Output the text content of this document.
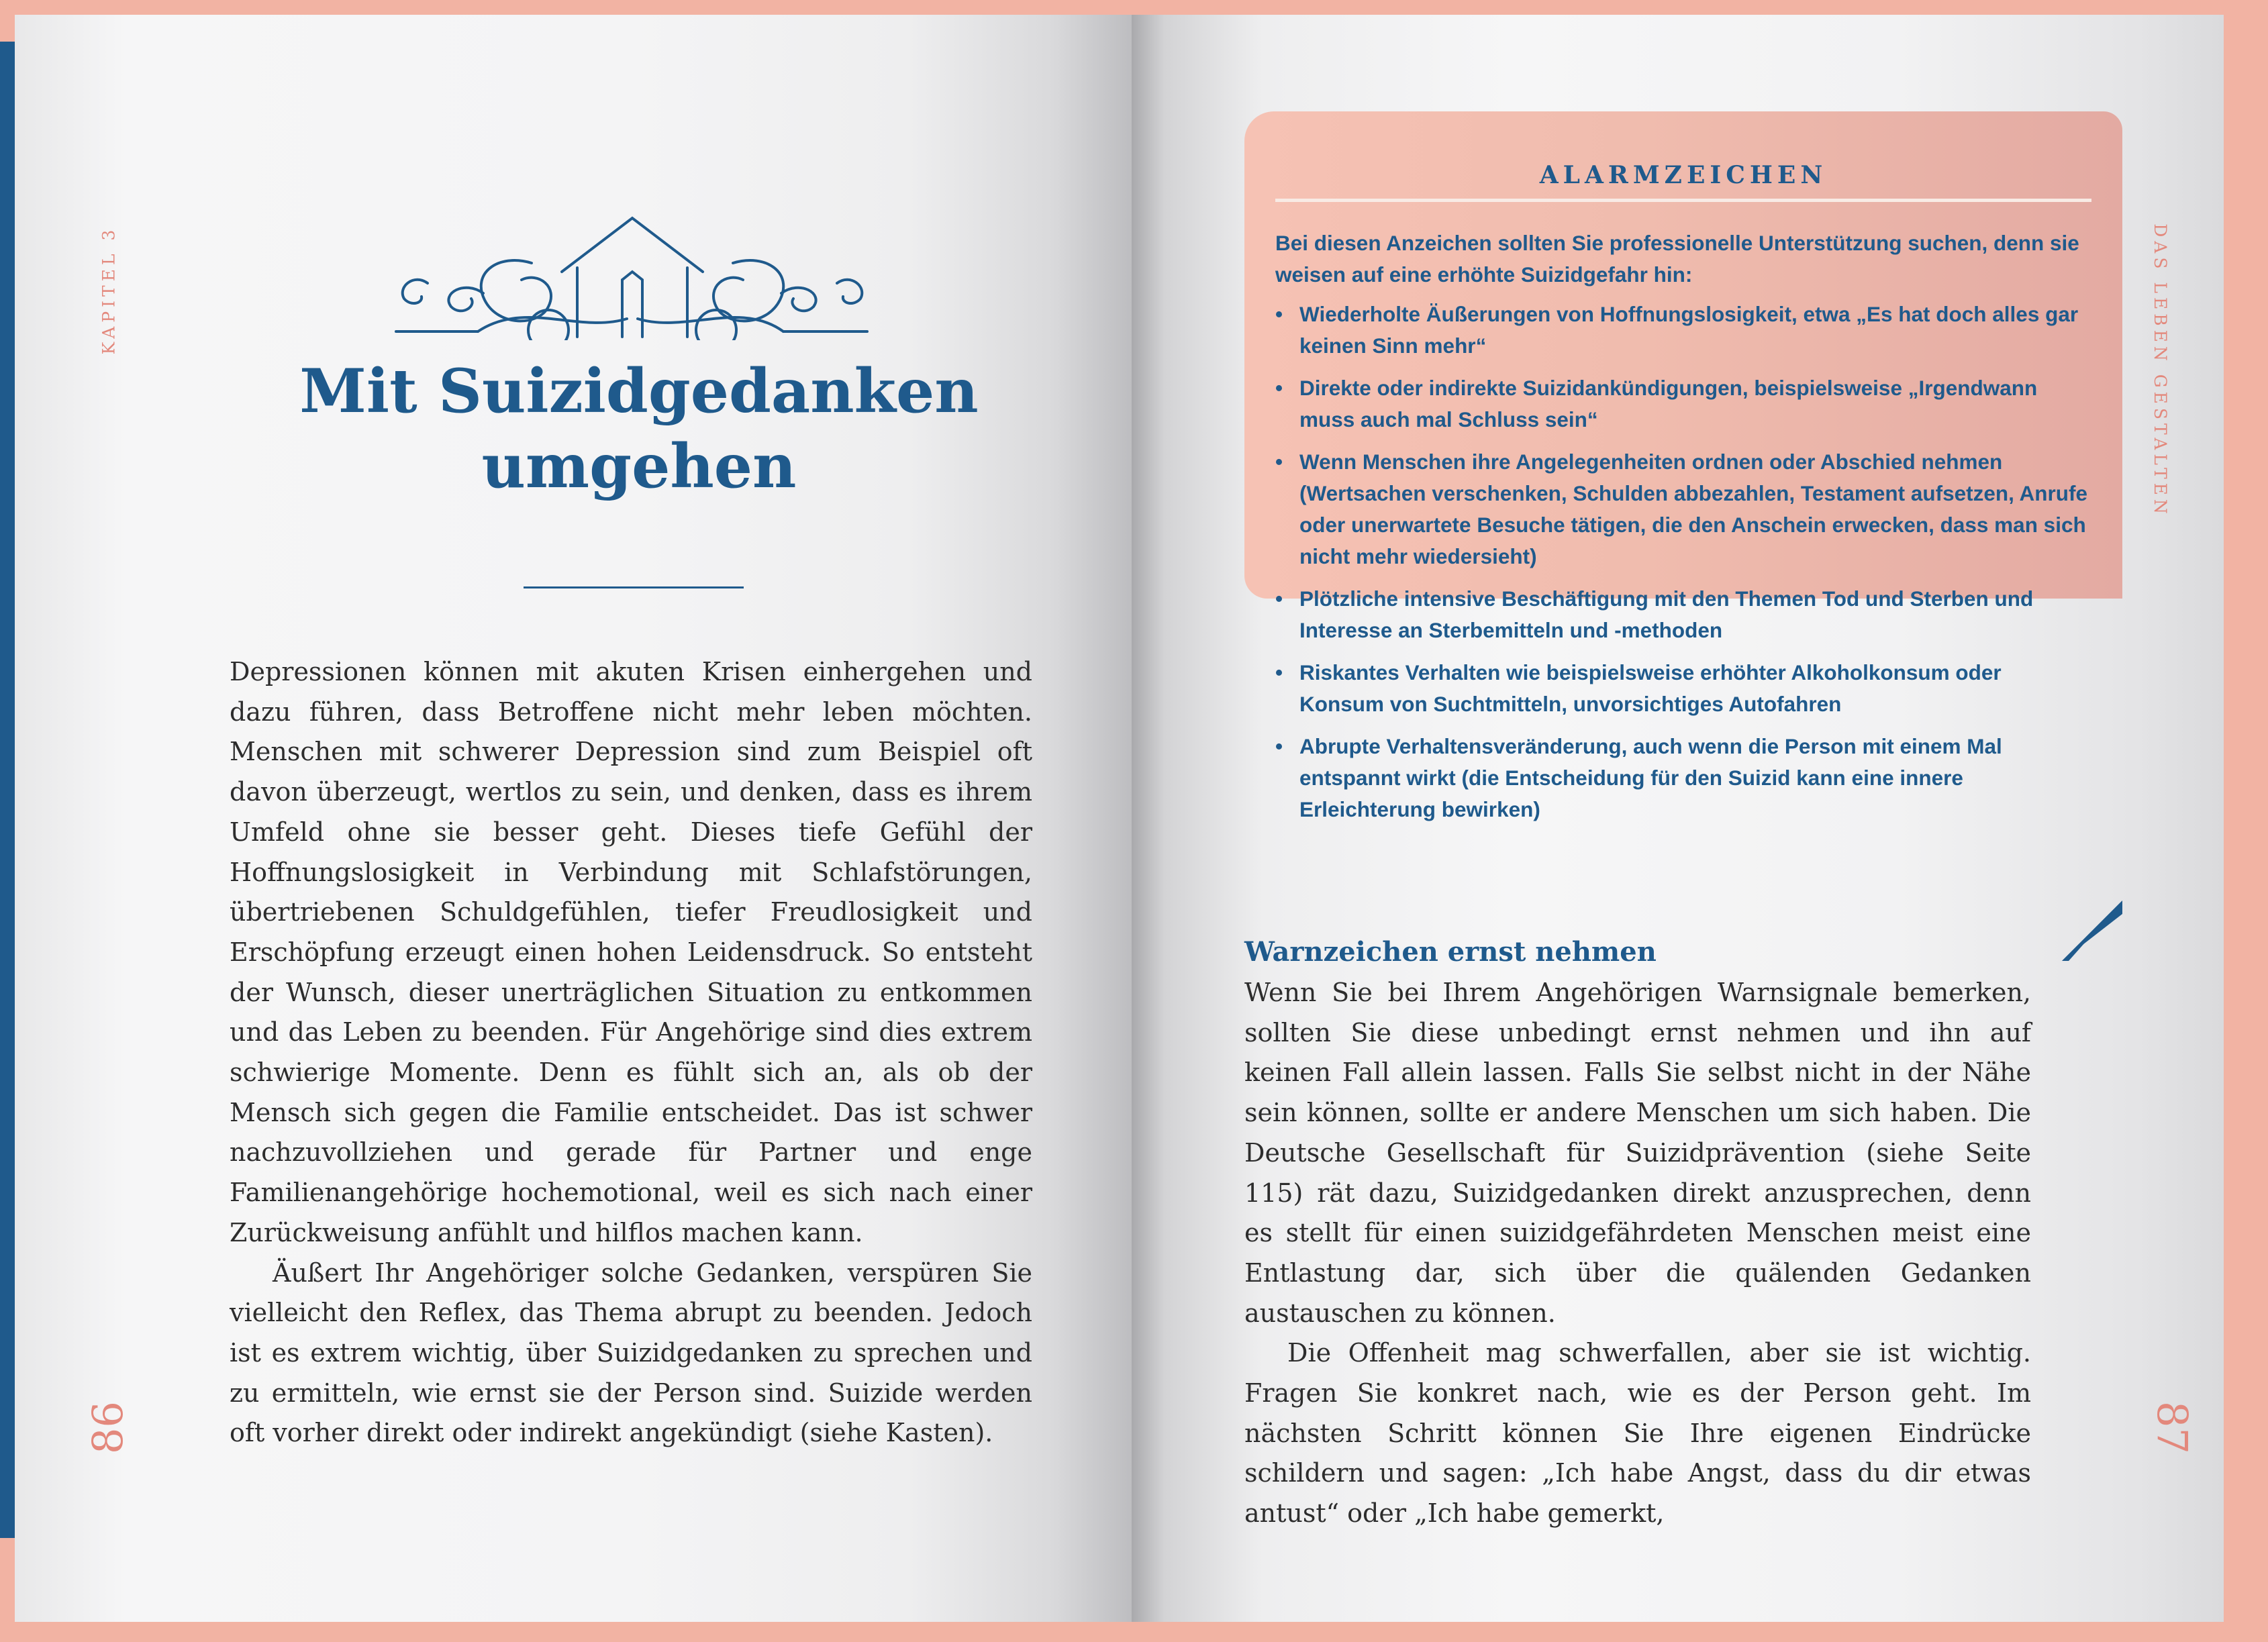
KAPITEL 3
Mit Suizidgedanken
umgehen

Depressionen können mit akuten Krisen einhergehen und dazu führen, dass Betroffene nicht mehr leben möchten. Menschen mit schwerer Depression sind zum Beispiel oft davon überzeugt, wertlos zu sein, und denken, dass es ihrem Umfeld ohne sie besser geht. Dieses tiefe Gefühl der Hoffnungslosigkeit in Verbindung mit Schlafstörungen, übertriebenen Schuldgefühlen, tiefer Freudlosigkeit und Erschöpfung erzeugt einen hohen Leidensdruck. So entsteht der Wunsch, dieser unerträglichen Situation zu entkommen und das Leben zu beenden. Für Angehörige sind dies extrem schwierige Momente. Denn es fühlt sich an, als ob der Mensch sich gegen die Familie entscheidet. Das ist schwer nachzuvollziehen und gerade für Partner und enge Familienangehörige hochemotional, weil es sich nach einer Zurückweisung anfühlt und hilflos machen kann.

Äußert Ihr Angehöriger solche Gedanken, verspüren Sie vielleicht den Reflex, das Thema abrupt zu beenden. Jedoch ist es extrem wichtig, über Suizidgedanken zu sprechen und zu ermitteln, wie ernst sie der Person sind. Suizide werden oft vorher direkt oder indirekt angekündigt (siehe Kasten).

86
ALARMZEICHEN
Bei diesen Anzeichen sollten Sie professionelle Unterstützung suchen, denn sie weisen auf eine erhöhte Suizidgefahr hin:
• Wiederholte Äußerungen von Hoffnungslosigkeit, etwa „Es hat doch alles gar keinen Sinn mehr“
• Direkte oder indirekte Suizidankündigungen, beispielsweise „Irgendwann muss auch mal Schluss sein“
• Wenn Menschen ihre Angelegenheiten ordnen oder Abschied nehmen (Wertsachen verschenken, Schulden abbezahlen, Testament aufsetzen, Anrufe oder unerwartete Besuche tätigen, die den Anschein erwecken, dass man sich nicht mehr wiedersieht)
• Plötzliche intensive Beschäftigung mit den Themen Tod und Sterben und Interesse an Sterbemitteln und -methoden
• Riskantes Verhalten wie beispielsweise erhöhter Alkoholkonsum oder Konsum von Suchtmitteln, unvorsichtiges Autofahren
• Abrupte Verhaltensveränderung, auch wenn die Person mit einem Mal entspannt wirkt (die Entscheidung für den Suizid kann eine innere Erleichterung bewirken)
Warnzeichen ernst nehmen

Wenn Sie bei Ihrem Angehörigen Warnsignale bemerken, sollten Sie diese unbedingt ernst nehmen und ihn auf keinen Fall allein lassen. Falls Sie selbst nicht in der Nähe sein können, sollte er andere Menschen um sich haben. Die Deutsche Gesellschaft für Suizidprävention (siehe Seite 115) rät dazu, Suizidgedanken direkt anzusprechen, denn es stellt für einen suizidgefährdeten Menschen meist eine Entlastung dar, sich über die quälenden Gedanken austauschen zu können.

Die Offenheit mag schwerfallen, aber sie ist wichtig. Fragen Sie konkret nach, wie es der Person geht. Im nächsten Schritt können Sie Ihre eigenen Eindrücke schildern und sagen: „Ich habe Angst, dass du dir etwas antust“ oder „Ich habe gemerkt,

DAS LEBEN GESTALTEN
87
